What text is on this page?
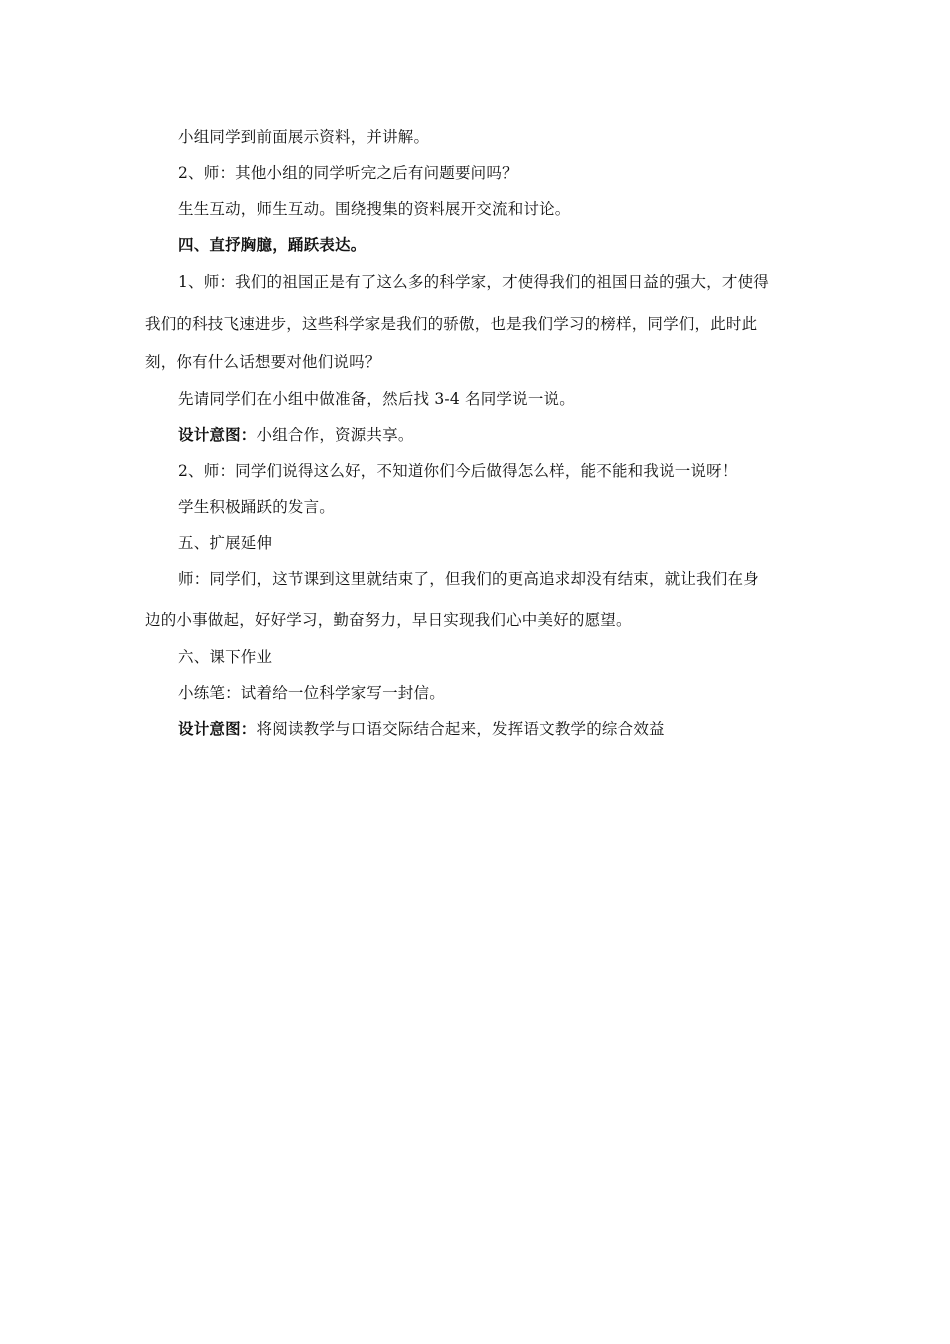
小组同学到前面展示资料，并讲解。
2、师：其他小组的同学听完之后有问题要问吗？
生生互动，师生互动。围绕搜集的资料展开交流和讨论。
四、直抒胸臆，踊跃表达。
1、师：我们的祖国正是有了这么多的科学家，才使得我们的祖国日益的强大，才使得
我们的科技飞速进步，这些科学家是我们的骄傲，也是我们学习的榜样，同学们，此时此
刻，你有什么话想要对他们说吗？
先请同学们在小组中做准备，然后找 3-4 名同学说一说。
设计意图：小组合作，资源共享。
2、师：同学们说得这么好，不知道你们今后做得怎么样，能不能和我说一说呀！
学生积极踊跃的发言。
五、扩展延伸
师：同学们，这节课到这里就结束了，但我们的更高追求却没有结束，就让我们在身
边的小事做起，好好学习，勤奋努力，早日实现我们心中美好的愿望。
六、课下作业
小练笔：试着给一位科学家写一封信。
设计意图：将阅读教学与口语交际结合起来，发挥语文教学的综合效益
